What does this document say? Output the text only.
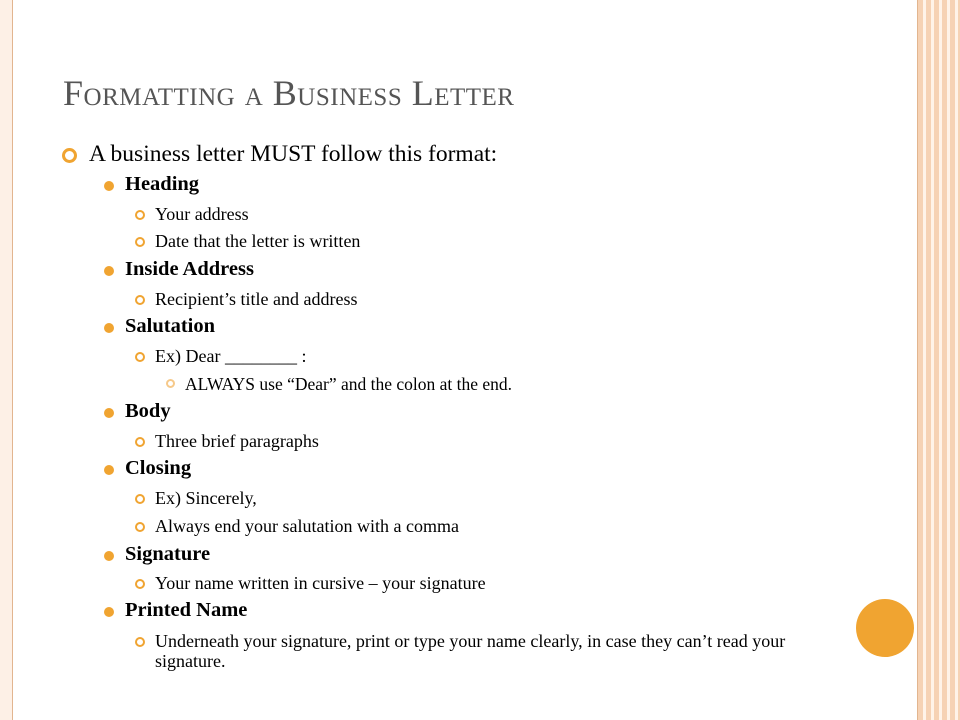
Formatting a Business Letter
A business letter MUST follow this format:
Heading
Your address
Date that the letter is written
Inside Address
Recipient’s title and address
Salutation
Ex) Dear ________ :
ALWAYS use “Dear” and the colon at the end.
Body
Three brief paragraphs
Closing
Ex) Sincerely,
Always end your salutation with a comma
Signature
Your name written in cursive – your signature
Printed Name
Underneath your signature, print or type your name clearly, in case they can’t read your signature.
